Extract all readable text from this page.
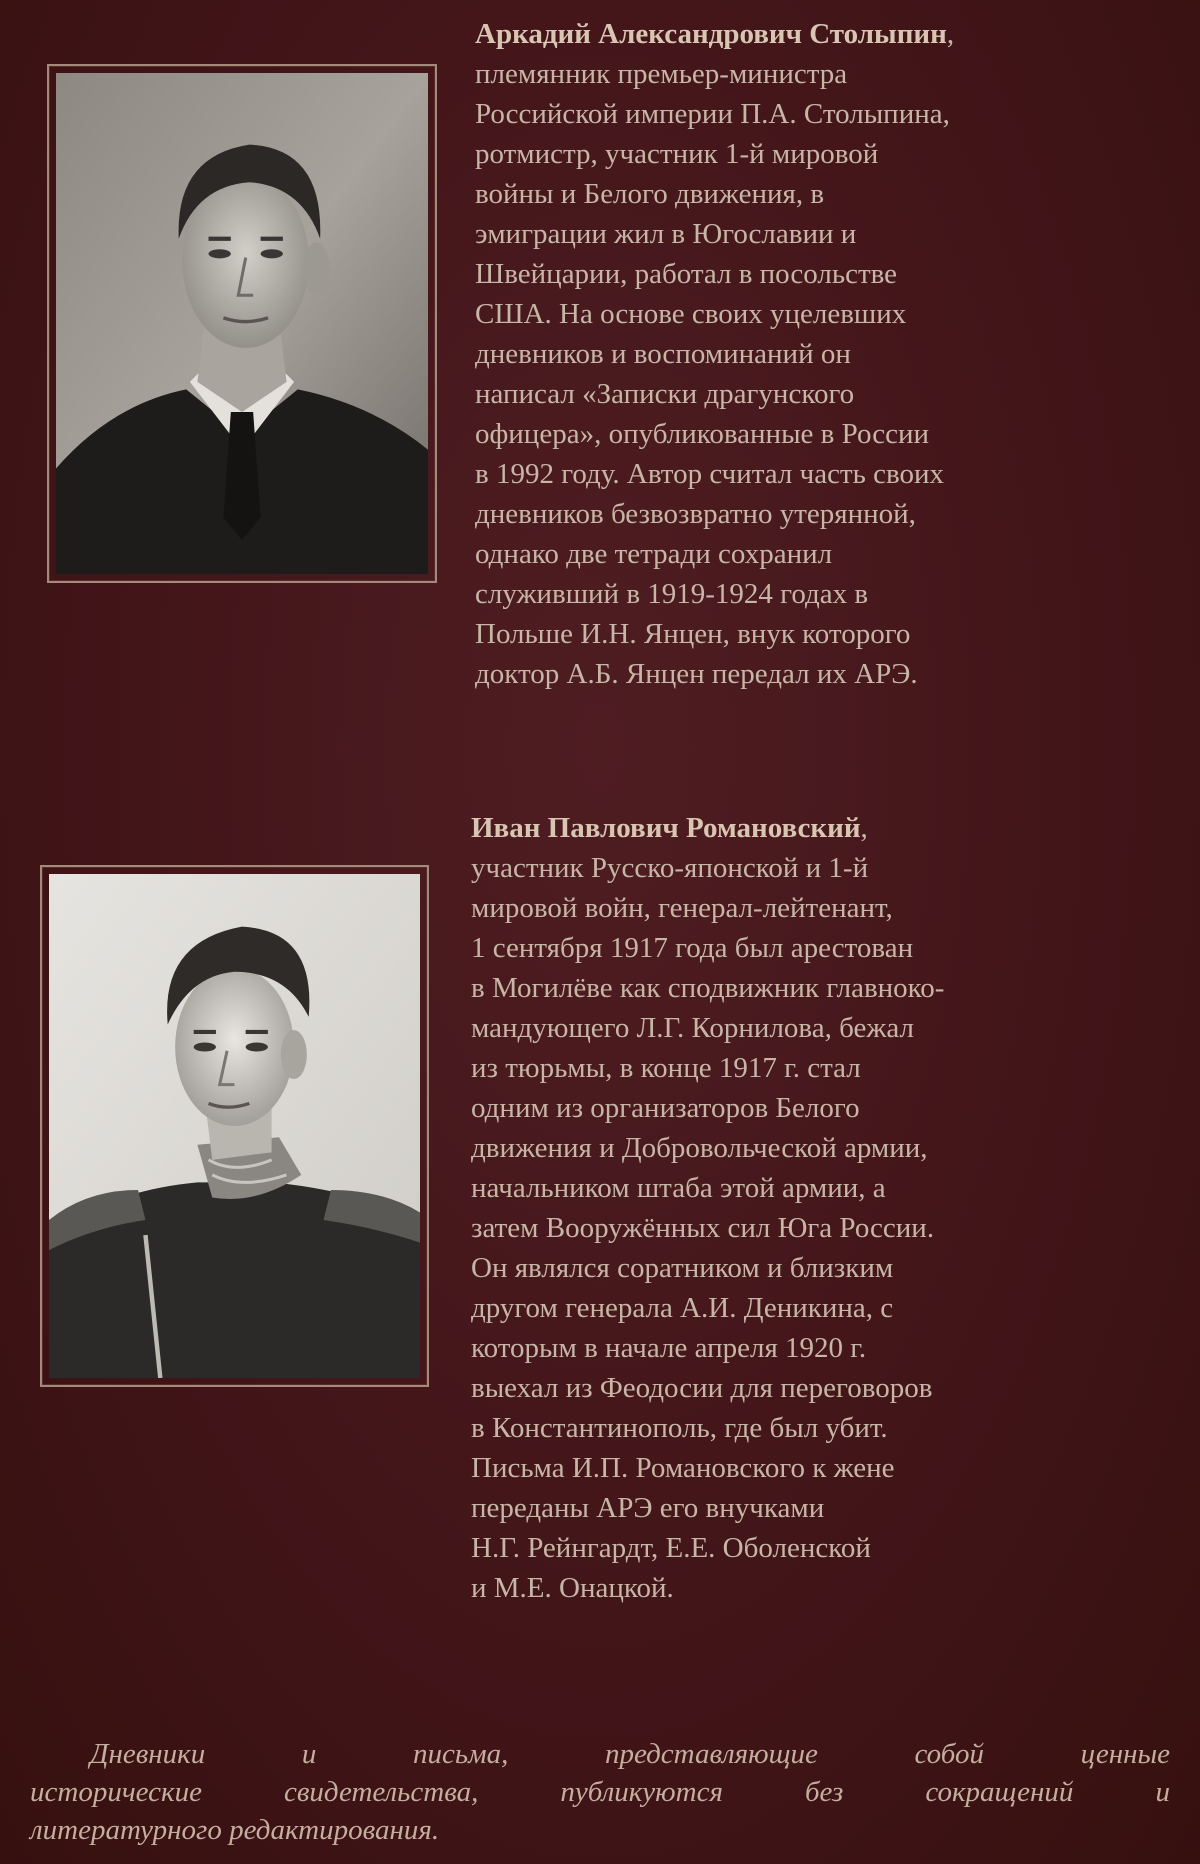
Аркадий Александрович Столыпин,
племянник премьер-министра
Российской империи П.А. Столыпина,
ротмистр, участник 1-й мировой
войны и Белого движения, в
эмиграции жил в Югославии и
Швейцарии, работал в посольстве
США. На основе своих уцелевших
дневников и воспоминаний он
написал «Записки драгунского
офицера», опубликованные в России
в 1992 году. Автор считал часть своих
дневников безвозвратно утерянной,
однако две тетради сохранил
служивший в 1919-1924 годах в
Польше И.Н. Янцен, внук которого
доктор А.Б. Янцен передал их АРЭ.
Иван Павлович Романовский,
участник Русско-японской и 1-й
мировой войн, генерал-лейтенант,
1 сентября 1917 года был арестован
в Могилёве как сподвижник главноко-
мандующего Л.Г. Корнилова, бежал
из тюрьмы, в конце 1917 г. стал
одним из организаторов Белого
движения и Добровольческой армии,
начальником штаба этой армии, а
затем Вооружённых сил Юга России.
Он являлся соратником и близким
другом генерала А.И. Деникина, с
которым в начале апреля 1920 г.
выехал из Феодосии для переговоров
в Константинополь, где был убит.
Письма И.П. Романовского к жене
переданы АРЭ его внучками
Н.Г. Рейнгардт, Е.Е. Оболенской
и М.Е. Онацкой.
Дневники	и	письма,	представляющие	собой	ценные
исторические	свидетельства,	публикуются	без	сокращений	и
литературного редактирования.
